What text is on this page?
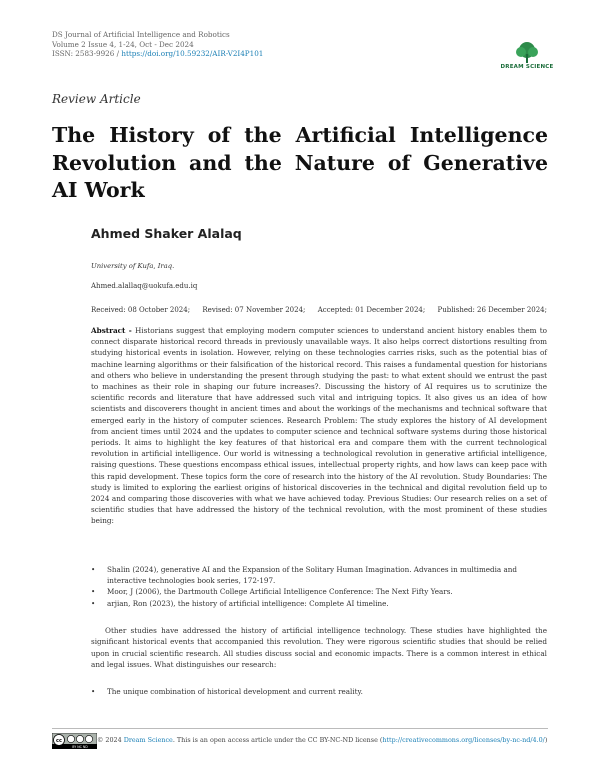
DS Journal of Artificial Intelligence and Robotics
Volume 2 Issue 4, 1-24, Oct - Dec 2024
ISSN: 2583-9926 / https://doi.org/10.59232/AIR-V2I4P101
DREAM SCIENCE
Review Article
The History of the Artificial Intelligence Revolution and the Nature of Generative AI Work
Ahmed Shaker Alalaq
University of Kufa, Iraq.
Ahmed.alallaq@uokufa.edu.iq
Received: 08 October 2024; Revised: 07 November 2024; Accepted: 01 December 2024; Published: 26 December 2024;
Abstract - Historians suggest that employing modern computer sciences to understand ancient history enables them to connect disparate historical record threads in previously unavailable ways. It also helps correct distortions resulting from studying historical events in isolation. However, relying on these technologies carries risks, such as the potential bias of machine learning algorithms or their falsification of the historical record. This raises a fundamental question for historians and others who believe in understanding the present through studying the past: to what extent should we entrust the past to machines as their role in shaping our future increases?. Discussing the history of AI requires us to scrutinize the scientific records and literature that have addressed such vital and intriguing topics. It also gives us an idea of how scientists and discoverers thought in ancient times and about the workings of the mechanisms and technical software that emerged early in the history of computer sciences. Research Problem: The study explores the history of AI development from ancient times until 2024 and the updates to computer science and technical software systems during those historical periods. It aims to highlight the key features of that historical era and compare them with the current technological revolution in artificial intelligence. Our world is witnessing a technological revolution in generative artificial intelligence, raising questions. These questions encompass ethical issues, intellectual property rights, and how laws can keep pace with this rapid development. These topics form the core of research into the history of the AI revolution. Study Boundaries: The study is limited to exploring the earliest origins of historical discoveries in the technical and digital revolution field up to 2024 and comparing those discoveries with what we have achieved today. Previous Studies: Our research relies on a set of scientific studies that have addressed the history of the technical revolution, with the most prominent of these studies being:
• Shalin (2024), generative AI and the Expansion of the Solitary Human Imagination. Advances in multimedia and interactive technologies book series, 172-197.
• Moor, J (2006), the Dartmouth College Artificial Intelligence Conference: The Next Fifty Years.
• arjian, Ron (2023), the history of artificial intelligence: Complete AI timeline.
Other studies have addressed the history of artificial intelligence technology. These studies have highlighted the significant historical events that accompanied this revolution. They were rigorous scientific studies that should be relied upon in crucial scientific research. All studies discuss social and economic impacts. There is a common interest in ethical and legal issues. What distinguishes our research:
• The unique combination of historical development and current reality.
cc
BY NC ND
© 2024 Dream Science. This is an open access article under the CC BY-NC-ND license (http://creativecommons.org/licenses/by-nc-nd/4.0/)
